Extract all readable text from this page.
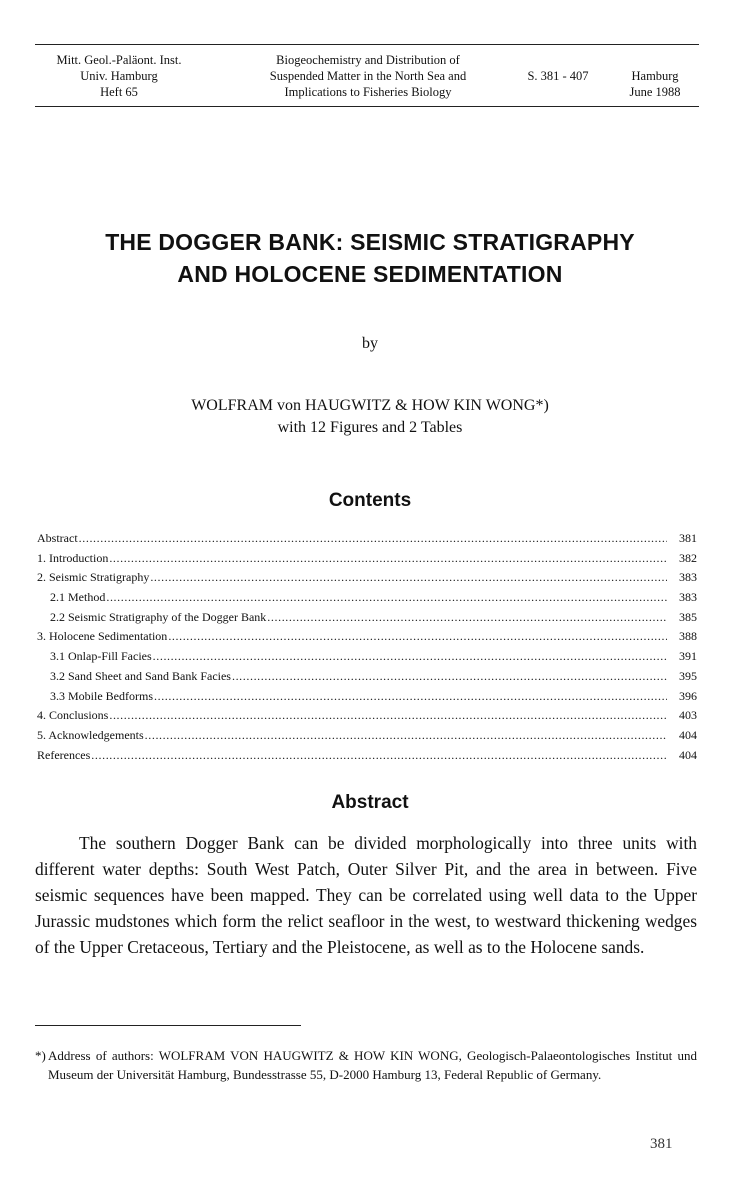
Mitt. Geol.-Paläont. Inst.
Univ. Hamburg
Heft 65
Biogeochemistry and Distribution of
Suspended Matter in the North Sea and
Implications to Fisheries Biology
S. 381 - 407	Hamburg
June 1988
THE DOGGER BANK: SEISMIC STRATIGRAPHY
AND HOLOCENE SEDIMENTATION
by
WOLFRAM von HAUGWITZ & HOW KIN WONG*)
with 12 Figures and 2 Tables
Contents
Abstract .....	381
1. Introduction .....	382
2. Seismic Stratigraphy .....	383
2.1 Method .....	383
2.2 Seismic Stratigraphy of the Dogger Bank .....	385
3. Holocene Sedimentation .....	388
3.1 Onlap-Fill Facies .....	391
3.2 Sand Sheet and Sand Bank Facies .....	395
3.3 Mobile Bedforms .....	396
4. Conclusions .....	403
5. Acknowledgements .....	404
References .....	404
Abstract
The southern Dogger Bank can be divided morphologically into three units with different water depths: South West Patch, Outer Silver Pit, and the area in between. Five seismic sequences have been mapped. They can be correlated using well data to the Upper Jurassic mudstones which form the relict seafloor in the west, to westward thickening wedges of the Upper Cretaceous, Tertiary and the Pleistocene, as well as to the Holocene sands.
*) Address of authors: WOLFRAM VON HAUGWITZ & HOW KIN WONG, Geologisch-Palaeontologisches Institut und Museum der Universität Hamburg, Bundesstrasse 55, D-2000 Hamburg 13, Federal Republic of Germany.
381
